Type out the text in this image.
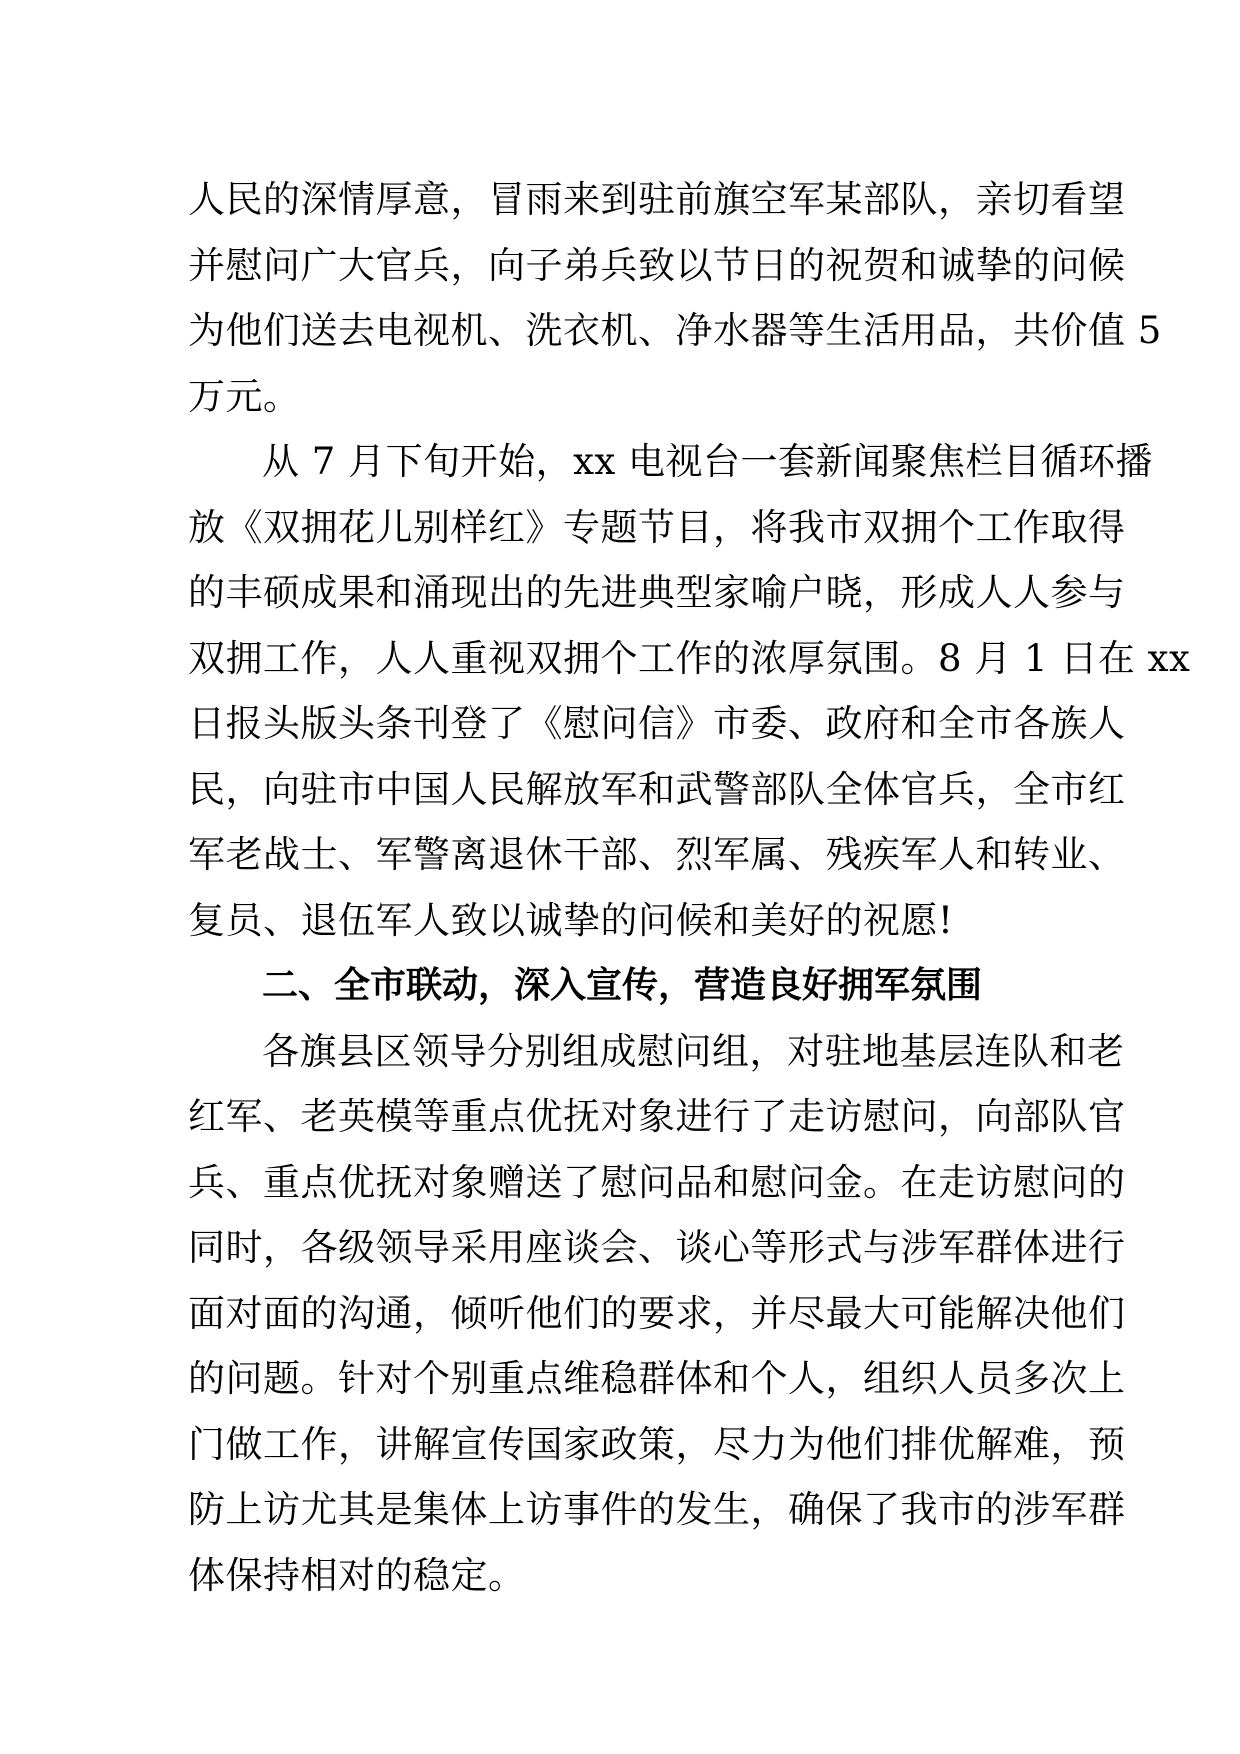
人民的深情厚意，冒雨来到驻前旗空军某部队，亲切看望
并慰问广大官兵，向子弟兵致以节日的祝贺和诚挚的问候
为他们送去电视机、洗衣机、净水器等生活用品，共价值 5
万元。
从 7 月下旬开始，xx 电视台一套新闻聚焦栏目循环播
放《双拥花儿别样红》专题节目，将我市双拥个工作取得
的丰硕成果和涌现出的先进典型家喻户晓，形成人人参与
双拥工作，人人重视双拥个工作的浓厚氛围。8 月 1 日在 xx
日报头版头条刊登了《慰问信》市委、政府和全市各族人
民，向驻市中国人民解放军和武警部队全体官兵，全市红
军老战士、军警离退休干部、烈军属、残疾军人和转业、
复员、退伍军人致以诚挚的问候和美好的祝愿!
二、全市联动，深入宣传，营造良好拥军氛围
各旗县区领导分别组成慰问组，对驻地基层连队和老
红军、老英模等重点优抚对象进行了走访慰问，向部队官
兵、重点优抚对象赠送了慰问品和慰问金。在走访慰问的
同时，各级领导采用座谈会、谈心等形式与涉军群体进行
面对面的沟通，倾听他们的要求，并尽最大可能解决他们
的问题。针对个别重点维稳群体和个人，组织人员多次上
门做工作，讲解宣传国家政策，尽力为他们排优解难，预
防上访尤其是集体上访事件的发生，确保了我市的涉军群
体保持相对的稳定。
